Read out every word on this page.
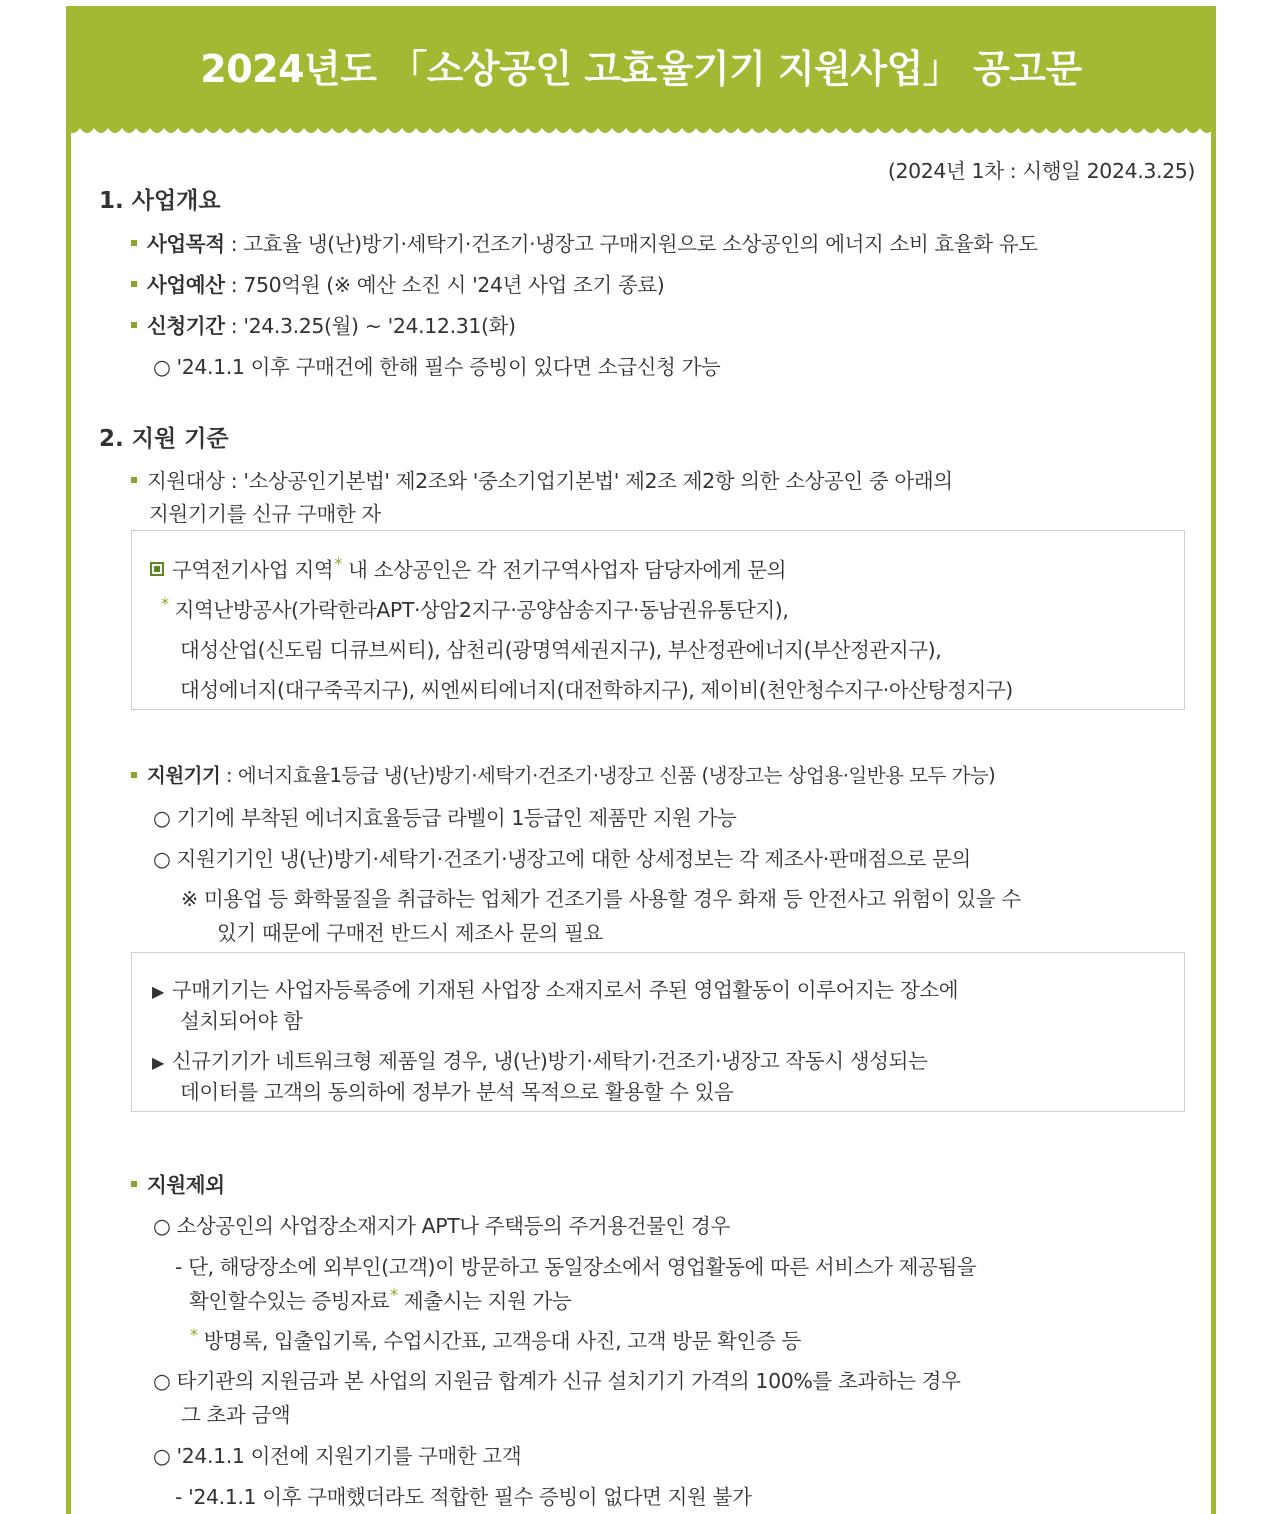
2024년도 「소상공인 고효율기기 지원사업」 공고문
(2024년 1차 : 시행일 2024.3.25)
1. 사업개요
사업목적 : 고효율 냉(난)방기·세탁기·건조기·냉장고 구매지원으로 소상공인의 에너지 소비 효율화 유도
사업예산 : 750억원 (※ 예산 소진 시 '24년 사업 조기 종료)
신청기간 : '24.3.25(월) ~ '24.12.31(화)
○ '24.1.1 이후 구매건에 한해 필수 증빙이 있다면 소급신청 가능
2. 지원 기준
지원대상 : '소상공인기본법' 제2조와 '중소기업기본법' 제2조 제2항 의한 소상공인 중 아래의
지원기기를 신규 구매한 자
구역전기사업 지역* 내 소상공인은 각 전기구역사업자 담당자에게 문의
* 지역난방공사(가락한라APT·상암2지구·공양삼송지구·동남권유통단지),
대성산업(신도림 디큐브씨티), 삼천리(광명역세권지구), 부산정관에너지(부산정관지구),
대성에너지(대구죽곡지구), 씨엔씨티에너지(대전학하지구), 제이비(천안청수지구·아산탕정지구)
지원기기 : 에너지효율1등급 냉(난)방기·세탁기·건조기·냉장고 신품 (냉장고는 상업용·일반용 모두 가능)
○ 기기에 부착된 에너지효율등급 라벨이 1등급인 제품만 지원 가능
○ 지원기기인 냉(난)방기·세탁기·건조기·냉장고에 대한 상세정보는 각 제조사·판매점으로 문의
※ 미용업 등 화학물질을 취급하는 업체가 건조기를 사용할 경우 화재 등 안전사고 위험이 있을 수
있기 때문에 구매전 반드시 제조사 문의 필요
▶ 구매기기는 사업자등록증에 기재된 사업장 소재지로서 주된 영업활동이 이루어지는 장소에
설치되어야 함
▶ 신규기기가 네트워크형 제품일 경우, 냉(난)방기·세탁기·건조기·냉장고 작동시 생성되는
데이터를 고객의 동의하에 정부가 분석 목적으로 활용할 수 있음
지원제외
○ 소상공인의 사업장소재지가 APT나 주택등의 주거용건물인 경우
- 단, 해당장소에 외부인(고객)이 방문하고 동일장소에서 영업활동에 따른 서비스가 제공됨을
확인할수있는 증빙자료* 제출시는 지원 가능
* 방명록, 입출입기록, 수업시간표, 고객응대 사진, 고객 방문 확인증 등
○ 타기관의 지원금과 본 사업의 지원금 합계가 신규 설치기기 가격의 100%를 초과하는 경우
그 초과 금액
○ '24.1.1 이전에 지원기기를 구매한 고객
- '24.1.1 이후 구매했더라도 적합한 필수 증빙이 없다면 지원 불가
